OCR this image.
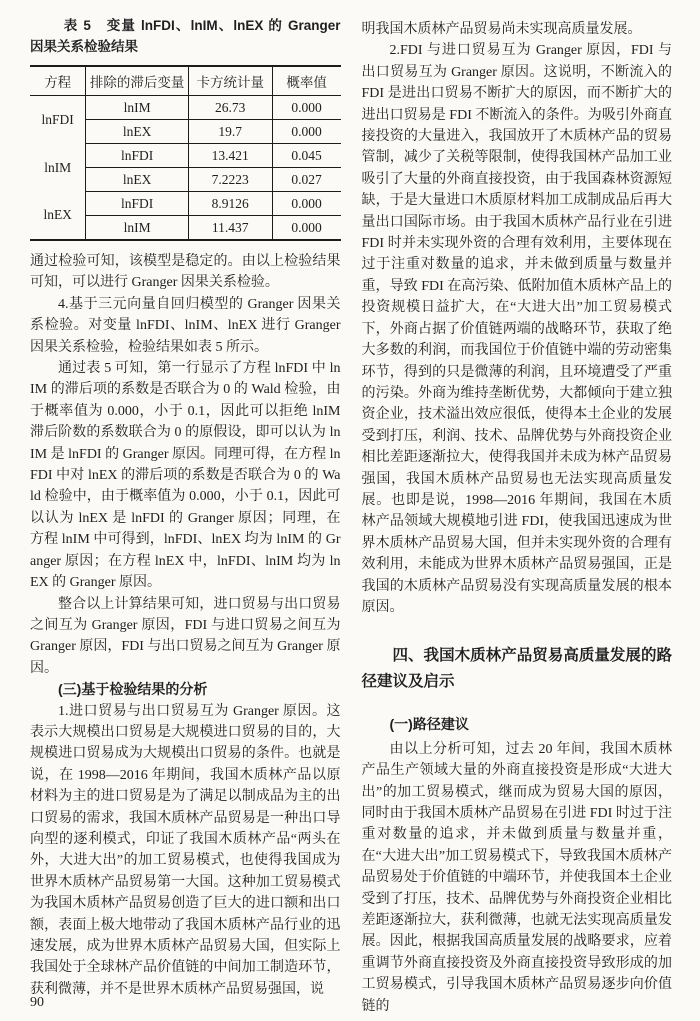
表 5　变量 lnFDI、lnIM、lnEX 的 Granger 因果关系检验结果
方程	排除的滞后变量	卡方统计量	概率值
lnFDI	lnIM	26.73	0.000
	lnEX	19.7	0.000
lnIM	lnFDI	13.421	0.045
	lnEX	7.2223	0.027
lnEX	lnFDI	8.9126	0.000
	lnIM	11.437	0.000

通过检验可知，该模型是稳定的。由以上检验结果可知，可以进行 Granger 因果关系检验。

4.基于三元向量自回归模型的 Granger 因果关系检验。对变量 lnFDI、lnIM、lnEX 进行 Granger 因果关系检验，检验结果如表 5 所示。

通过表 5 可知，第一行显示了方程 lnFDI 中 lnIM 的滞后项的系数是否联合为 0 的 Wald 检验，由于概率值为 0.000，小于 0.1，因此可以拒绝 lnIM 滞后阶数的系数联合为 0 的原假设，即可以认为 lnIM 是 lnFDI 的 Granger 原因。同理可得，在方程 lnFDI 中对 lnEX 的滞后项的系数是否联合为 0 的 Wald 检验中，由于概率值为 0.000，小于 0.1，因此可以认为 lnEX 是 lnFDI 的 Granger 原因；同理，在方程 lnIM 中可得到，lnFDI、lnEX 均为 lnIM 的 Granger 原因；在方程 lnEX 中，lnFDI、lnIM 均为 lnEX 的 Granger 原因。

整合以上计算结果可知，进口贸易与出口贸易之间互为 Granger 原因，FDI 与进口贸易之间互为 Granger 原因，FDI 与出口贸易之间互为 Granger 原因。

(三)基于检验结果的分析

1.进口贸易与出口贸易互为 Granger 原因。这表示大规模出口贸易是大规模进口贸易的目的，大规模进口贸易成为大规模出口贸易的条件。也就是说，在 1998—2016 年期间，我国木质林产品以原材料为主的进口贸易是为了满足以制成品为主的出口贸易的需求，我国木质林产品贸易是一种出口导向型的逐利模式，印证了我国木质林产品“两头在外，大进大出”的加工贸易模式，也使得我国成为世界木质林产品贸易第一大国。这种加工贸易模式为我国木质林产品贸易创造了巨大的进口额和出口额，表面上极大地带动了我国木质林产品行业的迅速发展，成为世界木质林产品贸易大国，但实际上我国处于全球林产品价值链的中间加工制造环节，获利微薄，并不是世界木质林产品贸易强国，说

明我国木质林产品贸易尚未实现高质量发展。

2.FDI 与进口贸易互为 Granger 原因，FDI 与出口贸易互为 Granger 原因。这说明，不断流入的 FDI 是进出口贸易不断扩大的原因，而不断扩大的进出口贸易是 FDI 不断流入的条件。为吸引外商直接投资的大量进入，我国放开了木质林产品的贸易管制，减少了关税等限制，使得我国林产品加工业吸引了大量的外商直接投资，由于我国森林资源短缺，于是大量进口木质原材料加工成制成品后再大量出口国际市场。由于我国木质林产品行业在引进 FDI 时并未实现外资的合理有效利用，主要体现在过于注重对数量的追求，并未做到质量与数量并重，导致 FDI 在高污染、低附加值木质林产品上的投资规模日益扩大，在“大进大出”加工贸易模式下，外商占据了价值链两端的战略环节，获取了绝大多数的利润，而我国位于价值链中端的劳动密集环节，得到的只是微薄的利润，且环境遭受了严重的污染。外商为维持垄断优势，大都倾向于建立独资企业，技术溢出效应很低，使得本土企业的发展受到打压，利润、技术、品牌优势与外商投资企业相比差距逐渐拉大，使得我国并未成为林产品贸易强国，我国木质林产品贸易也无法实现高质量发展。也即是说，1998—2016 年期间，我国在木质林产品领域大规模地引进 FDI，使我国迅速成为世界木质林产品贸易大国，但并未实现外资的合理有效利用，未能成为世界木质林产品贸易强国，正是我国的木质林产品贸易没有实现高质量发展的根本原因。

四、我国木质林产品贸易高质量发展的路径建议及启示

(一)路径建议

由以上分析可知，过去 20 年间，我国木质林产品生产领域大量的外商直接投资是形成“大进大出”的加工贸易模式，继而成为贸易大国的原因，同时由于我国木质林产品贸易在引进 FDI 时过于注重对数量的追求，并未做到质量与数量并重，在“大进大出”加工贸易模式下，导致我国木质林产品贸易处于价值链的中端环节，并使我国本土企业受到了打压，技术、品牌优势与外商投资企业相比差距逐渐拉大，获利微薄，也就无法实现高质量发展。因此，根据我国高质量发展的战略要求，应着重调节外商直接投资及外商直接投资导致形成的加工贸易模式，引导我国木质林产品贸易逐步向价值链的

90
